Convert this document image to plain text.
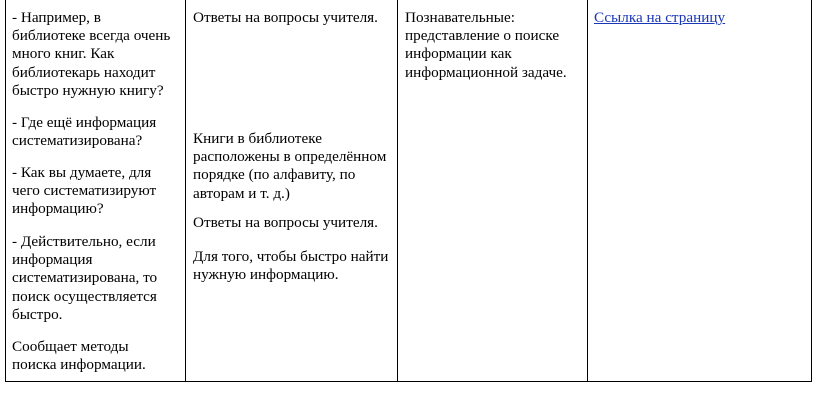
- Например, в
библиотеке всегда очень
много книг. Как
библиотекарь находит
быстро нужную книгу?
- Где ещё информация
систематизирована?
- Как вы думаете, для
чего систематизируют
информацию?
- Действительно, если
информация
систематизирована, то
поиск осуществляется
быстро.
Сообщает методы
поиска информации.
Ответы на вопросы учителя.
Книги в библиотеке
расположены в определённом
порядке (по алфавиту, по
авторам и т. д.)
Ответы на вопросы учителя.
Для того, чтобы быстро найти
нужную информацию.
Познавательные:
представление о поиске
информации как
информационной задаче.
Ссылка на страницу
